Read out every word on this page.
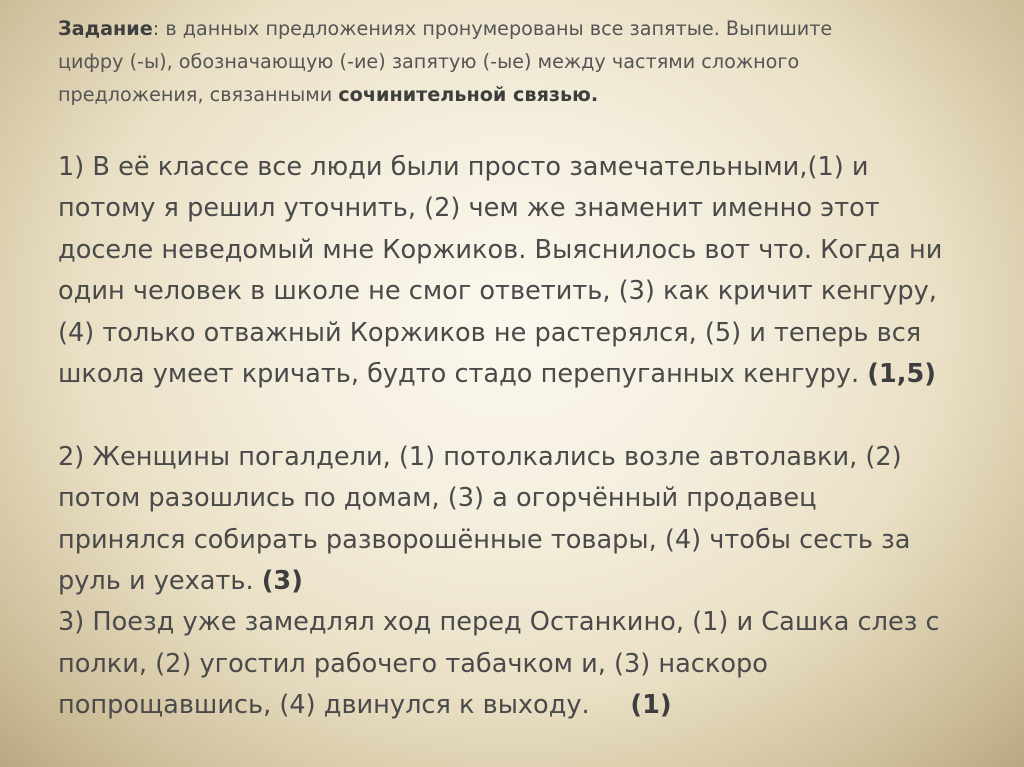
Задание: в данных предложениях пронумерованы все запятые. Выпишите
цифру (-ы), обозначающую (-ие) запятую (-ые) между частями сложного
предложения, связанными сочинительной связью.
1) В её классе все люди были просто замечательными,(1) и
потому я решил уточнить, (2) чем же знаменит именно этот
доселе неведомый мне Коржиков. Выяснилось вот что. Когда ни
один человек в школе не смог ответить, (3) как кричит кенгуру,
(4) только отважный Коржиков не растерялся, (5) и теперь вся
школа умеет кричать, будто стадо перепуганных кенгуру. (1,5)
2) Женщины погалдели, (1) потолкались возле автолавки, (2)
потом разошлись по домам, (3) а огорчённый продавец
принялся собирать разворошённые товары, (4) чтобы сесть за
руль и уехать. (3)
3) Поезд уже замедлял ход перед Останкино, (1) и Сашка слез с
полки, (2) угостил рабочего табачком и, (3) наскоро
попрощавшись, (4) двинулся к выходу.     (1)
